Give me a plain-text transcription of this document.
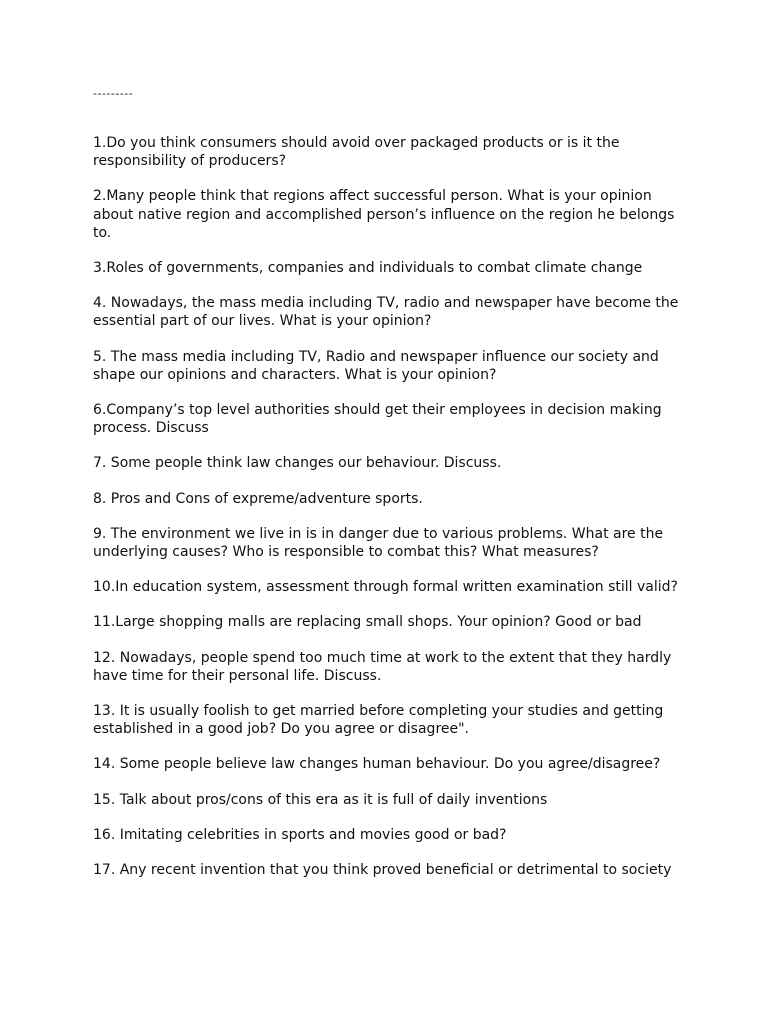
---------
1.Do you think consumers should avoid over packaged products or is it the responsibility of producers?
2.Many people think that regions affect successful person. What is your opinion about native region and accomplished person’s influence on the region he belongs to.
3.Roles of governments, companies and individuals to combat climate change
4. Nowadays, the mass media including TV, radio and newspaper have become the essential part of our lives. What is your opinion?
5. The mass media including TV, Radio and newspaper influence our society and shape our opinions and characters. What is your opinion?
6.Company’s top level authorities should get their employees in decision making process. Discuss
7. Some people think law changes our behaviour. Discuss.
8. Pros and Cons of expreme/adventure sports.
9. The environment we live in is in danger due to various problems. What are the underlying causes? Who is responsible to combat this? What measures?
10.In education system, assessment through formal written examination still valid?
11.Large shopping malls are replacing small shops. Your opinion? Good or bad
12. Nowadays, people spend too much time at work to the extent that they hardly have time for their personal life. Discuss.
13. It is usually foolish to get married before completing your studies and getting established in a good job? Do you agree or disagree".
14. Some people believe law changes human behaviour. Do you agree/disagree?
15. Talk about pros/cons of this era as it is full of daily inventions
16. Imitating celebrities in sports and movies good or bad?
17. Any recent invention that you think proved beneficial or detrimental to society
